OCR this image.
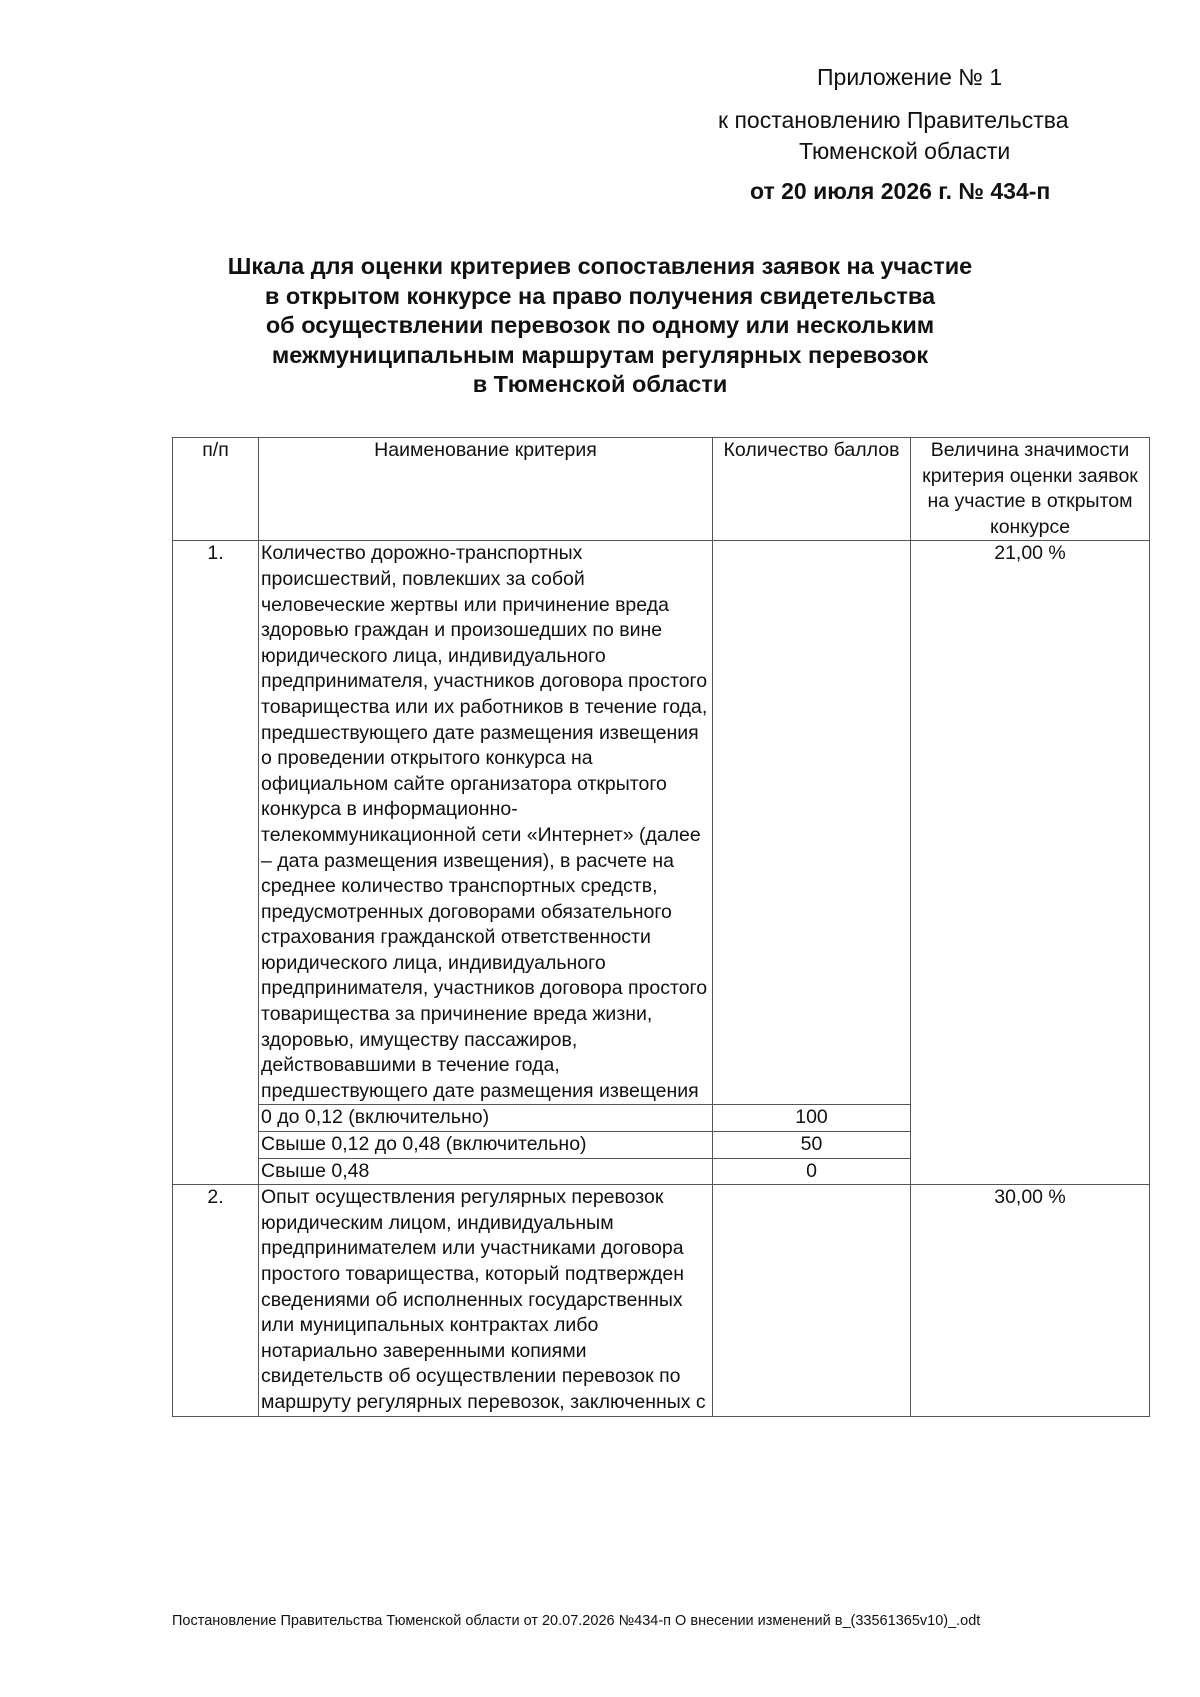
Приложение № 1
к постановлению Правительства
Тюменской области
от 20 июля 2026 г. № 434-п
Шкала для оценки критериев сопоставления заявок на участие
в открытом конкурсе на право получения свидетельства
об осуществлении перевозок по одному или нескольким
межмуниципальным маршрутам регулярных перевозок
в Тюменской области
п/п	Наименование критерия	Количество баллов	Величина значимости критерия оценки заявок на участие в открытом конкурсе
1.	Количество дорожно-транспортных происшествий, повлекших за собой человеческие жертвы или причинение вреда здоровью граждан и произошедших по вине юридического лица, индивидуального предпринимателя, участников договора простого товарищества или их работников в течение года, предшествующего дате размещения извещения о проведении открытого конкурса на официальном сайте организатора открытого конкурса в информационно-телекоммуникационной сети «Интернет» (далее – дата размещения извещения), в расчете на среднее количество транспортных средств, предусмотренных договорами обязательного страхования гражданской ответственности юридического лица, индивидуального предпринимателя, участников договора простого товарищества за причинение вреда жизни, здоровью, имуществу пассажиров, действовавшими в течение года, предшествующего дате размещения извещения		21,00 %
	0 до 0,12 (включительно)	100	
	Свыше 0,12 до 0,48 (включительно)	50	
	Свыше 0,48	0	
2.	Опыт осуществления регулярных перевозок юридическим лицом, индивидуальным предпринимателем или участниками договора простого товарищества, который подтвержден сведениями об исполненных государственных или муниципальных контрактах либо нотариально заверенными копиями свидетельств об осуществлении перевозок по маршруту регулярных перевозок, заключенных с		30,00 %
Постановление Правительства Тюменской области от 20.07.2026 №434-п О внесении изменений в_(33561365v10)_.odt
